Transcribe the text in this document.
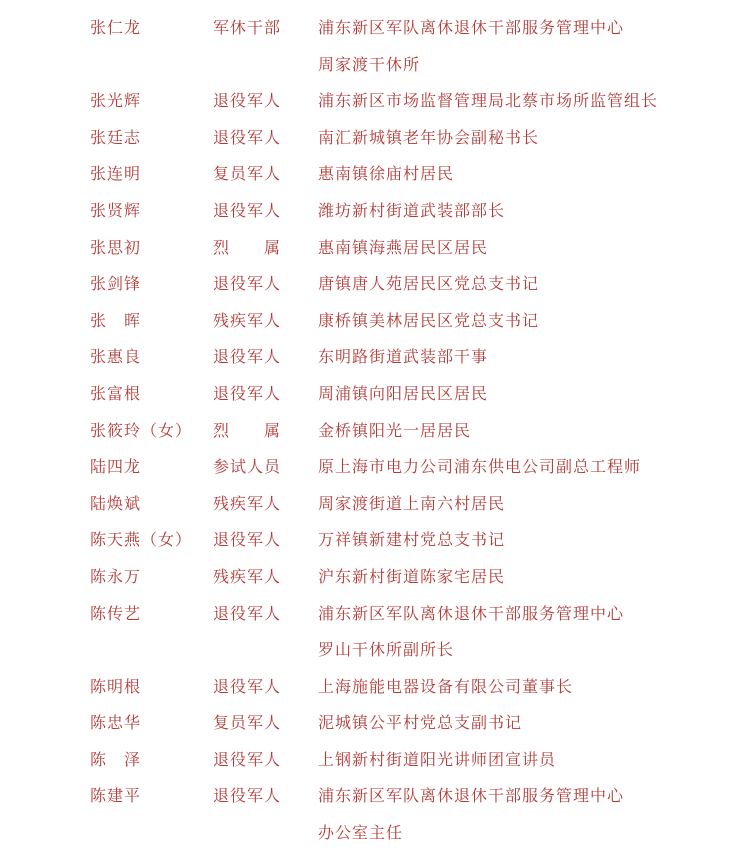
张仁龙	军休干部	浦东新区军队离休退休干部服务管理中心
周家渡干休所
张光辉	退役军人	浦东新区市场监督管理局北蔡市场所监管组长
张廷志	退役军人	南汇新城镇老年协会副秘书长
张连明	复员军人	惠南镇徐庙村居民
张贤辉	退役军人	潍坊新村街道武装部部长
张思初	烈　　属	惠南镇海燕居民区居民
张剑锋	退役军人	唐镇唐人苑居民区党总支书记
张　晖	残疾军人	康桥镇美林居民区党总支书记
张惠良	退役军人	东明路街道武装部干事
张富根	退役军人	周浦镇向阳居民区居民
张筱玲（女）	烈　　属	金桥镇阳光一居居民
陆四龙	参试人员	原上海市电力公司浦东供电公司副总工程师
陆焕斌	残疾军人	周家渡街道上南六村居民
陈天燕（女）	退役军人	万祥镇新建村党总支书记
陈永万	残疾军人	沪东新村街道陈家宅居民
陈传艺	退役军人	浦东新区军队离休退休干部服务管理中心
罗山干休所副所长
陈明根	退役军人	上海施能电器设备有限公司董事长
陈忠华	复员军人	泥城镇公平村党总支副书记
陈　泽	退役军人	上钢新村街道阳光讲师团宣讲员
陈建平	退役军人	浦东新区军队离休退休干部服务管理中心
办公室主任
